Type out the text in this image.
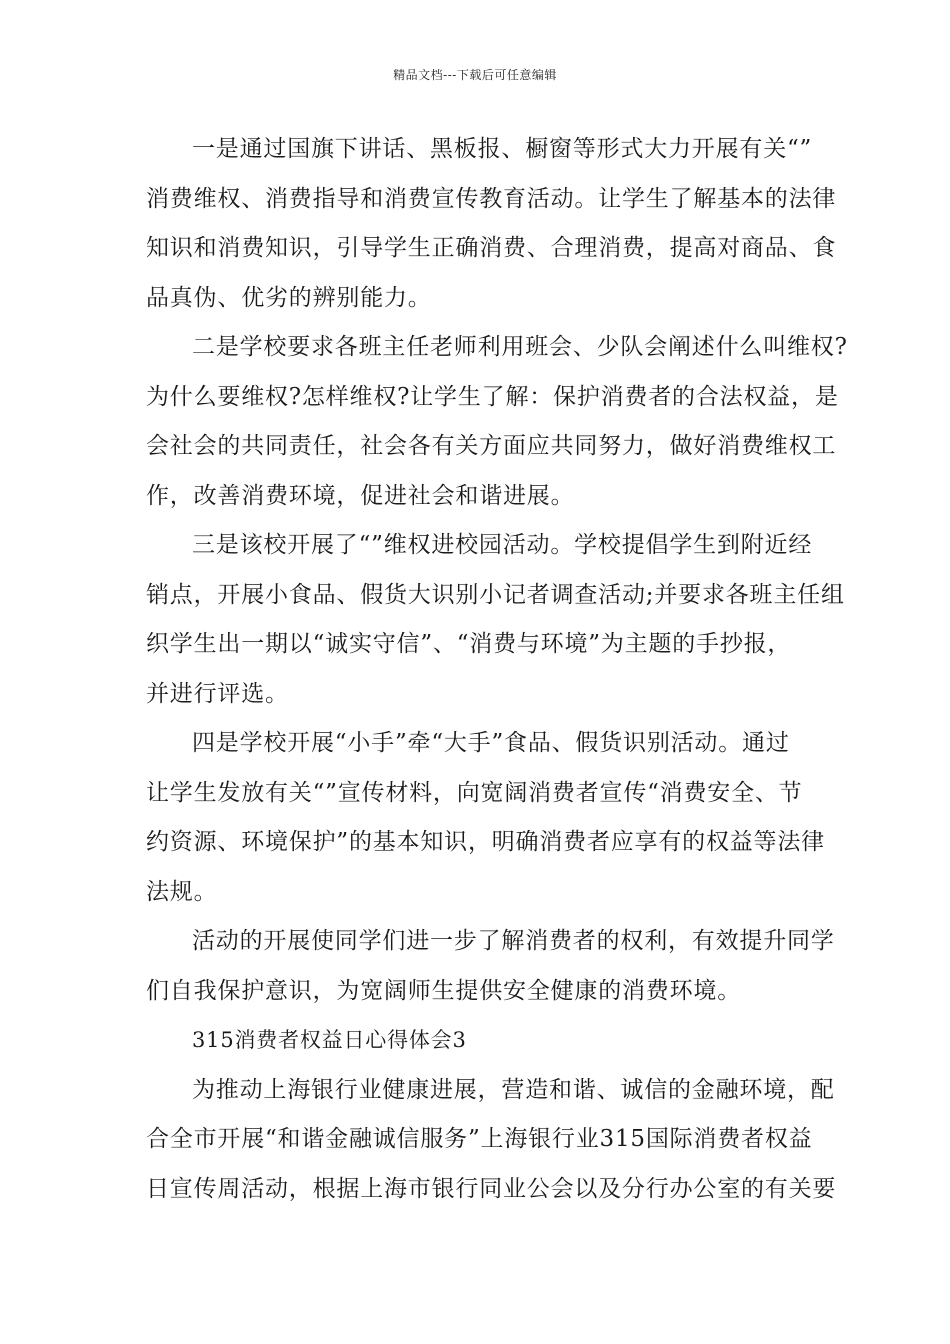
精品文档---下载后可任意编辑
一是通过国旗下讲话、黑板报、橱窗等形式大力开展有关“”
消费维权、消费指导和消费宣传教育活动。让学生了解基本的法律
知识和消费知识，引导学生正确消费、合理消费，提高对商品、食
品真伪、优劣的辨别能力。
二是学校要求各班主任老师利用班会、少队会阐述什么叫维权?
为什么要维权?怎样维权?让学生了解：保护消费者的合法权益，是
会社会的共同责任，社会各有关方面应共同努力，做好消费维权工
作，改善消费环境，促进社会和谐进展。
三是该校开展了“”维权进校园活动。学校提倡学生到附近经
销点，开展小食品、假货大识别小记者调查活动;并要求各班主任组
织学生出一期以“诚实守信”、“消费与环境”为主题的手抄报，
并进行评选。
四是学校开展“小手”牵“大手”食品、假货识别活动。通过
让学生发放有关“”宣传材料，向宽阔消费者宣传“消费安全、节
约资源、环境保护”的基本知识，明确消费者应享有的权益等法律
法规。
活动的开展使同学们进一步了解消费者的权利，有效提升同学
们自我保护意识，为宽阔师生提供安全健康的消费环境。
315消费者权益日心得体会3
为推动上海银行业健康进展，营造和谐、诚信的金融环境，配
合全市开展“和谐金融诚信服务”上海银行业315国际消费者权益
日宣传周活动，根据上海市银行同业公会以及分行办公室的有关要
